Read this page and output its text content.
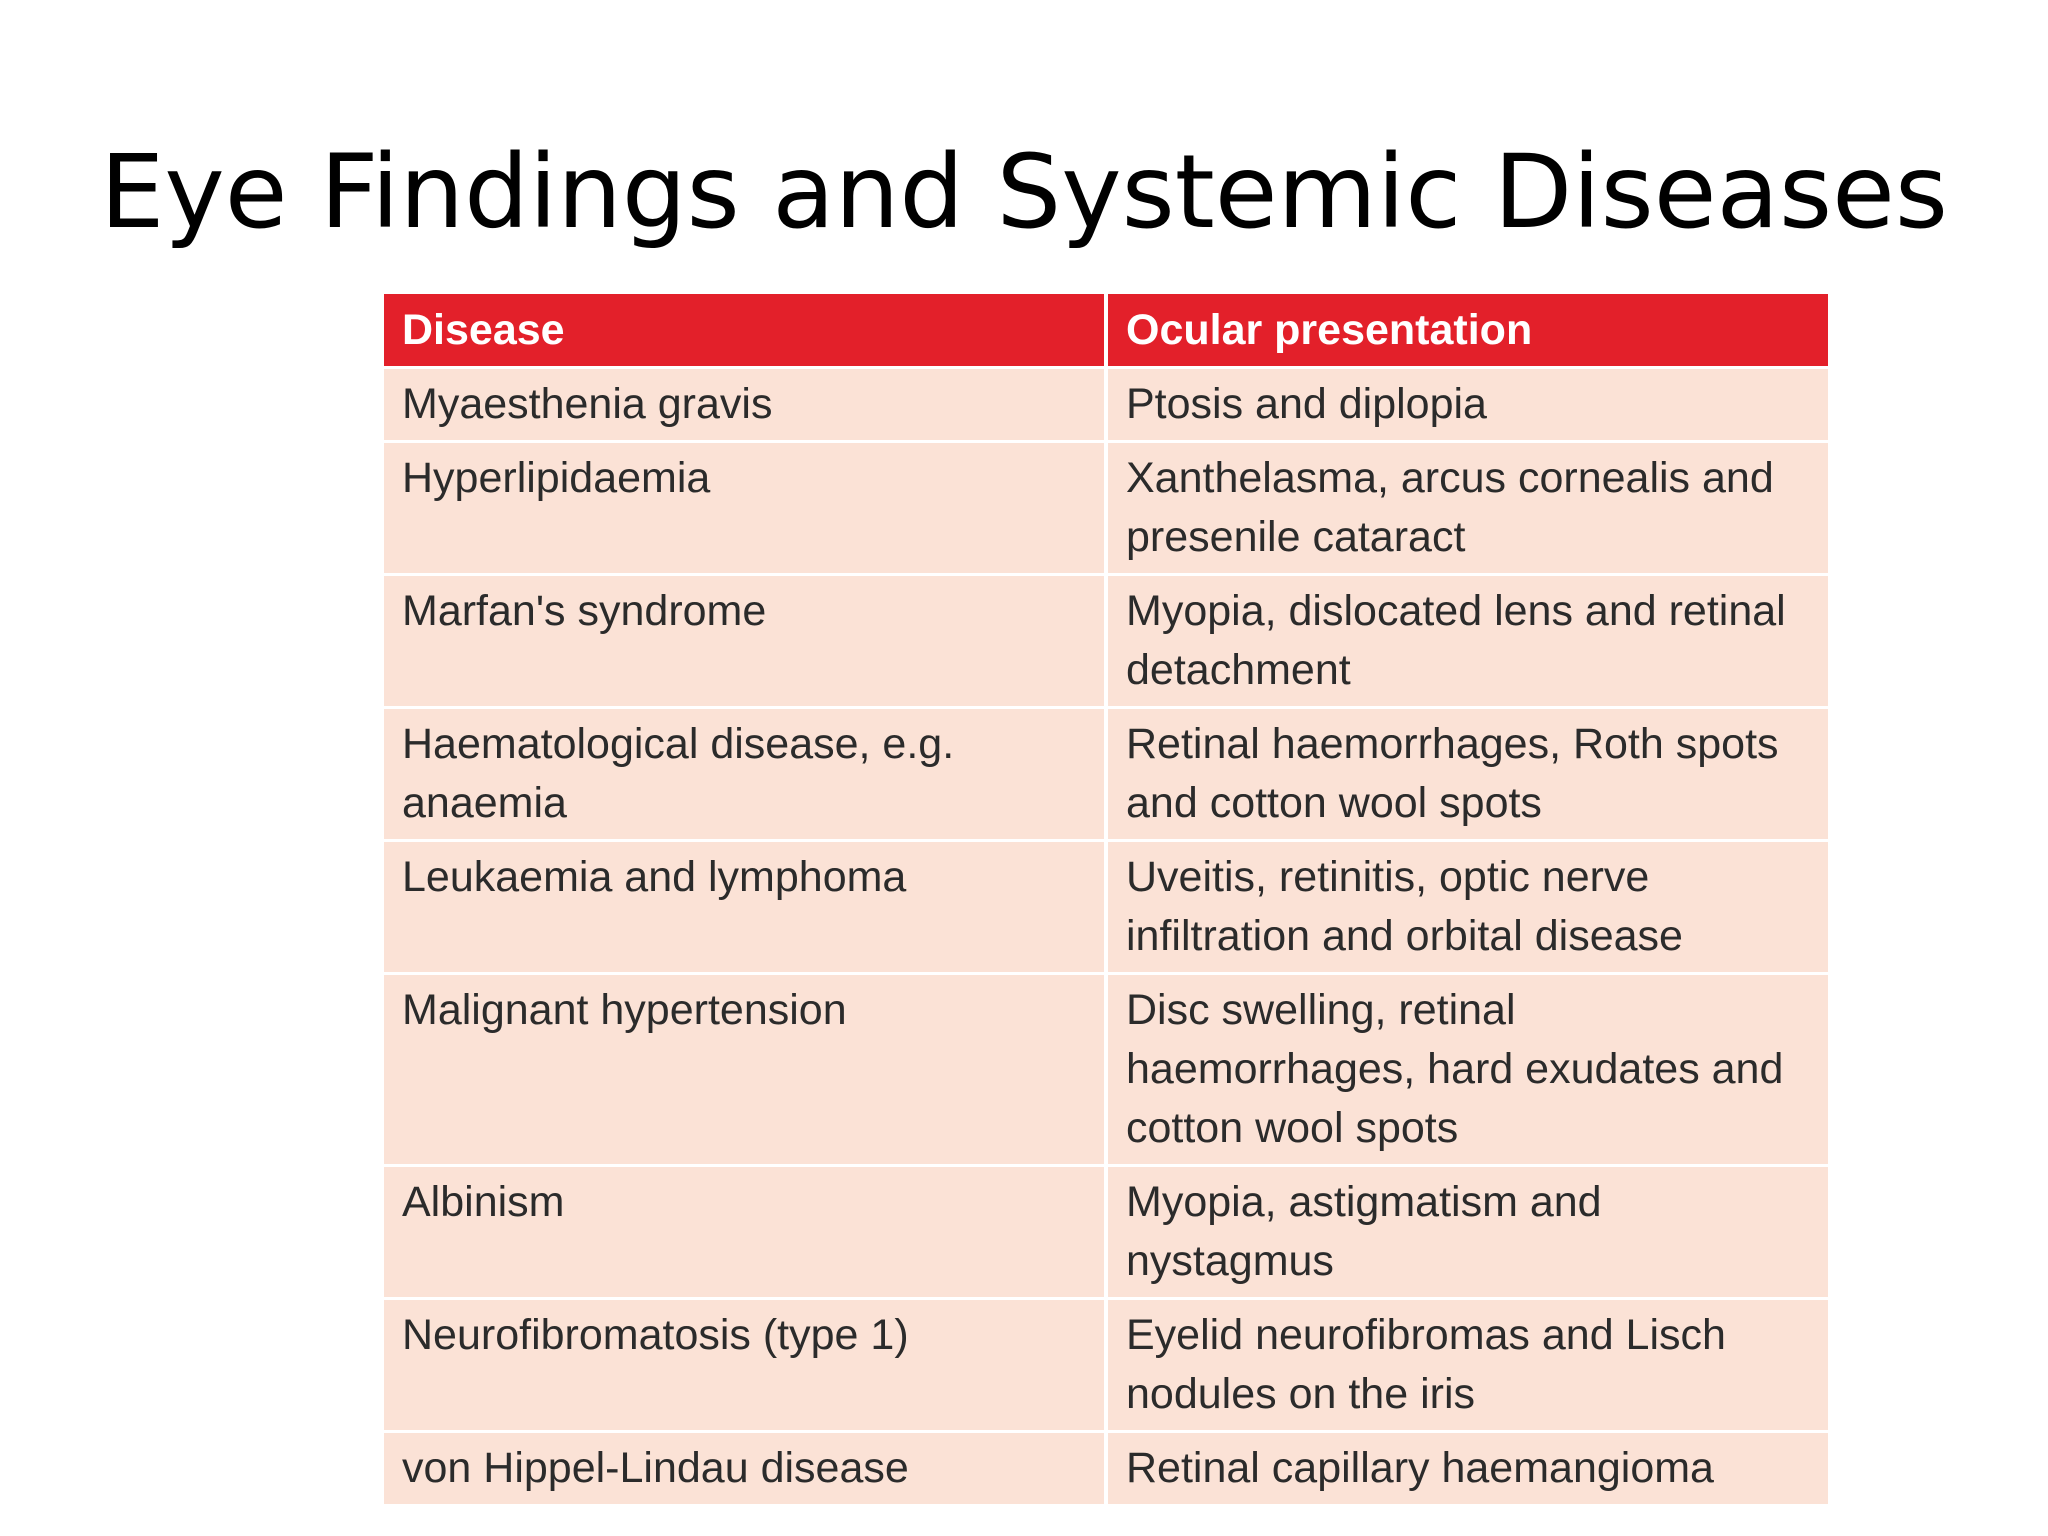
Eye Findings and Systemic Diseases
Disease	Ocular presentation
Myaesthenia gravis	Ptosis and diplopia
Hyperlipidaemia	Xanthelasma, arcus cornealis and presenile cataract
Marfan's syndrome	Myopia, dislocated lens and retinal detachment
Haematological disease, e.g. anaemia	Retinal haemorrhages, Roth spots and cotton wool spots
Leukaemia and lymphoma	Uveitis, retinitis, optic nerve infiltration and orbital disease
Malignant hypertension	Disc swelling, retinal haemorrhages, hard exudates and cotton wool spots
Albinism	Myopia, astigmatism and nystagmus
Neurofibromatosis (type 1)	Eyelid neurofibromas and Lisch nodules on the iris
von Hippel-Lindau disease	Retinal capillary haemangioma
